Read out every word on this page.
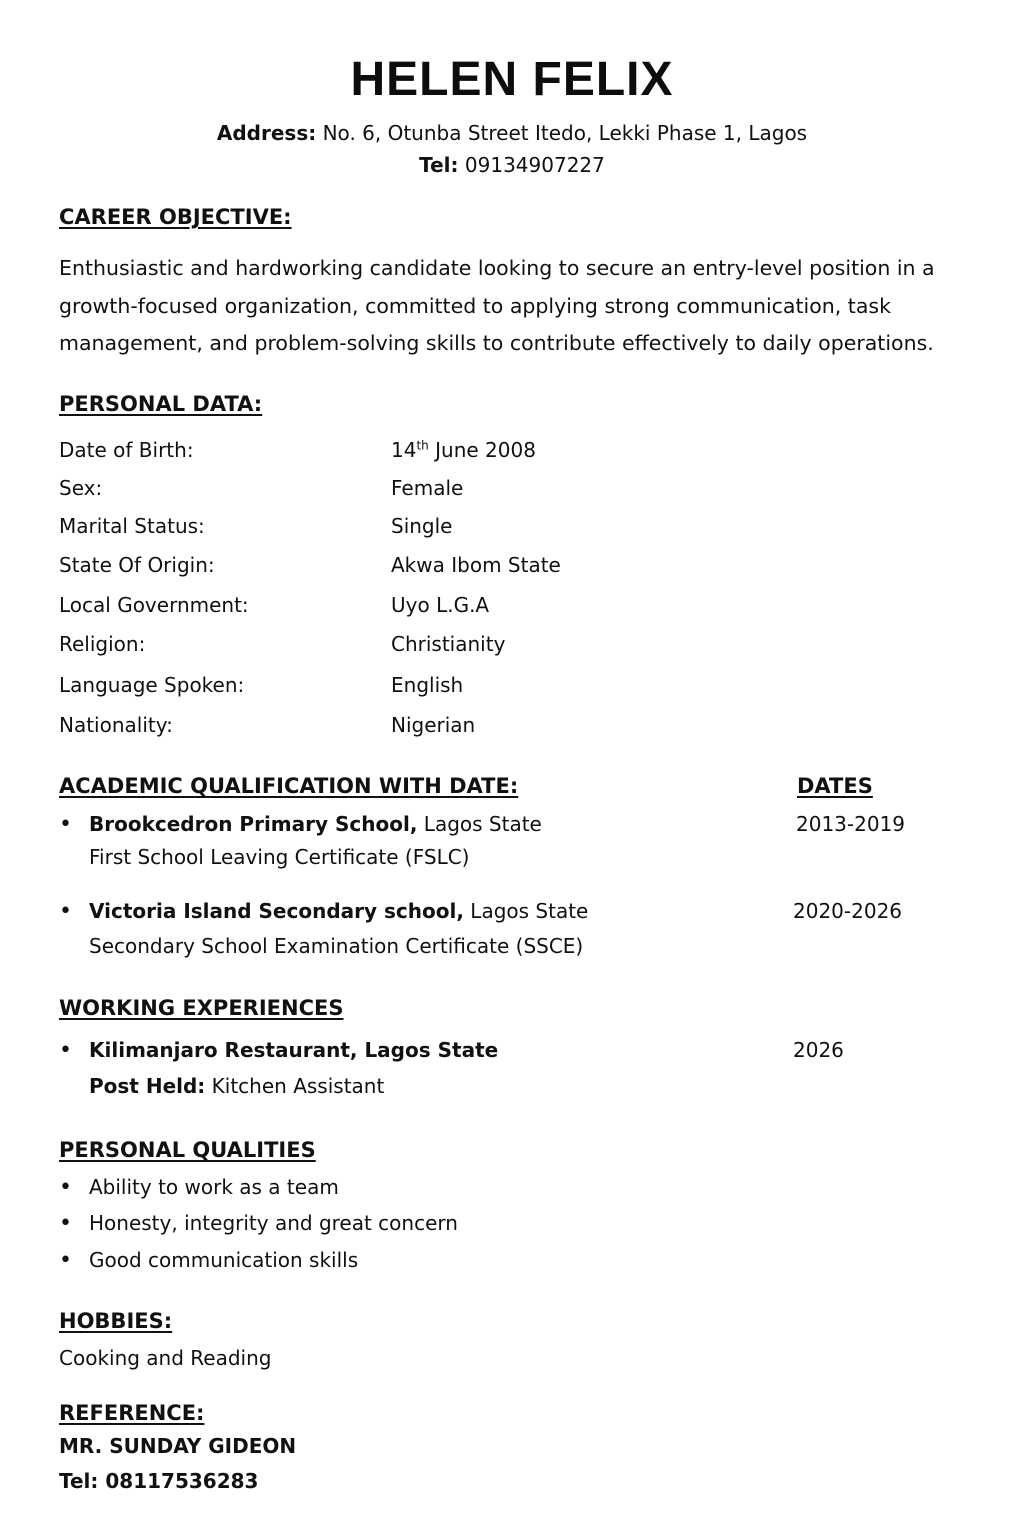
HELEN FELIX
Address: No. 6, Otunba Street Itedo, Lekki Phase 1, Lagos
Tel: 09134907227
CAREER OBJECTIVE:
Enthusiastic and hardworking candidate looking to secure an entry-level position in a growth-focused organization, committed to applying strong communication, task management, and problem-solving skills to contribute effectively to daily operations.
PERSONAL DATA:
Date of Birth:	14th June 2008
Sex:	Female
Marital Status:	Single
State Of Origin:	Akwa Ibom State
Local Government:	Uyo L.G.A
Religion:	Christianity
Language Spoken:	English
Nationality:	Nigerian
ACADEMIC QUALIFICATION WITH DATE:	DATES
• Brookcedron Primary School, Lagos State	2013-2019
First School Leaving Certificate (FSLC)
• Victoria Island Secondary school, Lagos State	2020-2026
Secondary School Examination Certificate (SSCE)
WORKING EXPERIENCES
• Kilimanjaro Restaurant, Lagos State	2026
Post Held: Kitchen Assistant
PERSONAL QUALITIES
• Ability to work as a team
• Honesty, integrity and great concern
• Good communication skills
HOBBIES:
Cooking and Reading
REFERENCE:
MR. SUNDAY GIDEON
Tel: 08117536283
